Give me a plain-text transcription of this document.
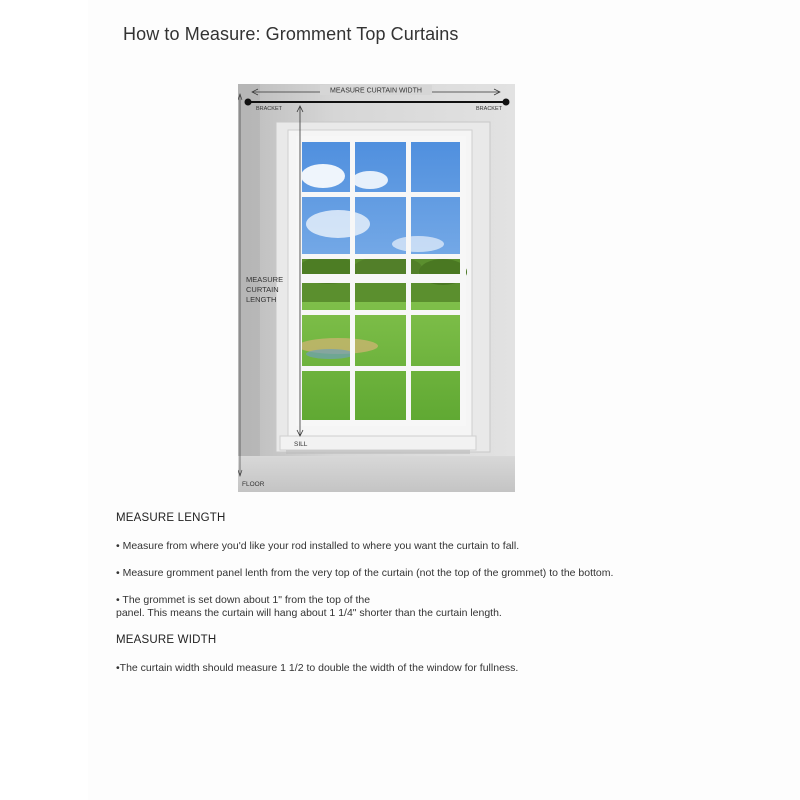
How to Measure: Gromment Top Curtains
MEASURE CURTAIN WIDTH
BRACKET	BRACKET
MEASURE
CURTAIN
LENGTH
SILL
FLOOR
MEASURE LENGTH
• Measure from where you'd like your rod installed to where you want the curtain to fall.
• Measure gromment panel lenth from the very top of the curtain (not the top of the grommet) to the bottom.
• The grommet is set down about 1" from the top of the
panel. This means the curtain will hang about 1 1/4" shorter than the curtain length.
MEASURE WIDTH
•The curtain width should measure 1 1/2 to double the width of the window for fullness.
